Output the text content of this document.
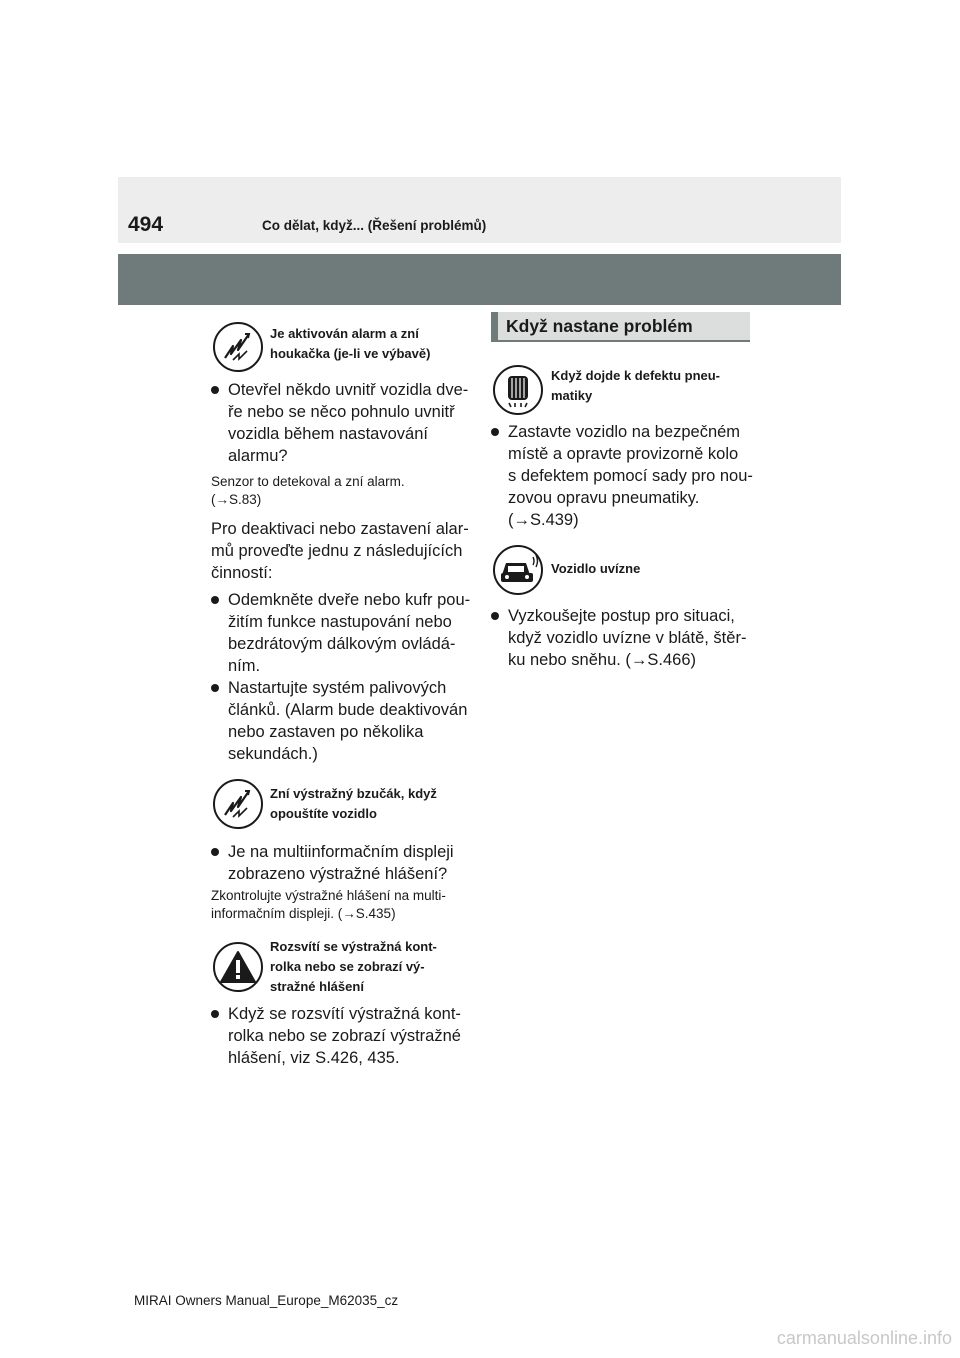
494	Co dělat, když... (Řešení problémů)
Je aktivován alarm a zní
houkačka (je-li ve výbavě)
Otevřel někdo uvnitř vozidla dve-
ře nebo se něco pohnulo uvnitř
vozidla během nastavování
alarmu?
Senzor to detekoval a zní alarm.
(→S.83)
Pro deaktivaci nebo zastavení alar-
mů proveďte jednu z následujících
činností:
Odemkněte dveře nebo kufr pou-
žitím funkce nastupování nebo
bezdrátovým dálkovým ovládá-
ním.
Nastartujte systém palivových
článků. (Alarm bude deaktivován
nebo zastaven po několika
sekundách.)
Zní výstražný bzučák, když
opouštíte vozidlo
Je na multiinformačním displeji
zobrazeno výstražné hlášení?
Zkontrolujte výstražné hlášení na multi-
informačním displeji. (→S.435)
Rozsvítí se výstražná kont-
rolka nebo se zobrazí vý-
stražné hlášení
Když se rozsvítí výstražná kont-
rolka nebo se zobrazí výstražné
hlášení, viz S.426, 435.
Když nastane problém
Když dojde k defektu pneu-
matiky
Zastavte vozidlo na bezpečném
místě a opravte provizorně kolo
s defektem pomocí sady pro nou-
zovou opravu pneumatiky.
(→S.439)
Vozidlo uvízne
Vyzkoušejte postup pro situaci,
když vozidlo uvízne v blátě, štěr-
ku nebo sněhu. (→S.466)
MIRAI Owners Manual_Europe_M62035_cz
carmanualsonline.info
